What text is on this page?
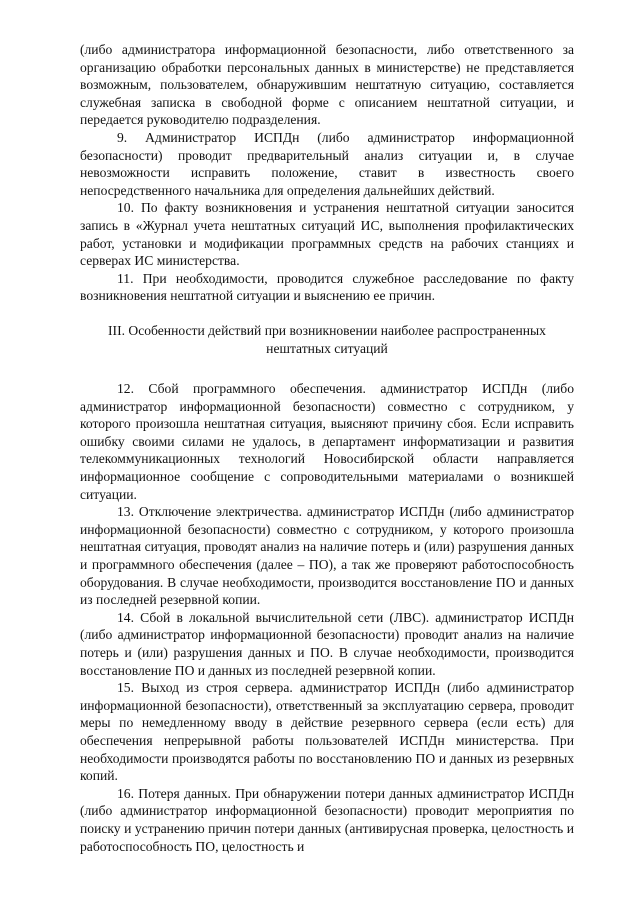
(либо администратора информационной безопасности, либо ответственного за организацию обработки персональных данных в министерстве) не представляется возможным, пользователем, обнаружившим нештатную ситуацию, составляется служебная записка в свободной форме с описанием нештатной ситуации, и передается руководителю подразделения.

9. Администратор ИСПДн (либо администратор информационной безопасности) проводит предварительный анализ ситуации и, в случае невозможности исправить положение, ставит в известность своего непосредственного начальника для определения дальнейших действий.

10. По факту возникновения и устранения нештатной ситуации заносится запись в «Журнал учета нештатных ситуаций ИС, выполнения профилактических работ, установки и модификации программных средств на рабочих станциях и серверах ИС министерства.

11. При необходимости, проводится служебное расследование по факту возникновения нештатной ситуации и выяснению ее причин.

III. Особенности действий при возникновении наиболее распространенных нештатных ситуаций

12. Сбой программного обеспечения. администратор ИСПДн (либо администратор информационной безопасности) совместно с сотрудником, у которого произошла нештатная ситуация, выясняют причину сбоя. Если исправить ошибку своими силами не удалось, в департамент информатизации и развития телекоммуникационных технологий Новосибирской области направляется информационное сообщение с сопроводительными материалами о возникшей ситуации.

13. Отключение электричества. администратор ИСПДн (либо администратор информационной безопасности) совместно с сотрудником, у которого произошла нештатная ситуация, проводят анализ на наличие потерь и (или) разрушения данных и программного обеспечения (далее – ПО), а так же проверяют работоспособность оборудования. В случае необходимости, производится восстановление ПО и данных из последней резервной копии.

14. Сбой в локальной вычислительной сети (ЛВС). администратор ИСПДн (либо администратор информационной безопасности) проводит анализ на наличие потерь и (или) разрушения данных и ПО. В случае необходимости, производится восстановление ПО и данных из последней резервной копии.

15. Выход из строя сервера. администратор ИСПДн (либо администратор информационной безопасности), ответственный за эксплуатацию сервера, проводит меры по немедленному вводу в действие резервного сервера (если есть) для обеспечения непрерывной работы пользователей ИСПДн министерства. При необходимости производятся работы по восстановлению ПО и данных из резервных копий.

16. Потеря данных. При обнаружении потери данных администратор ИСПДн (либо администратор информационной безопасности) проводит мероприятия по поиску и устранению причин потери данных (антивирусная проверка, целостность и работоспособность ПО, целостность и
